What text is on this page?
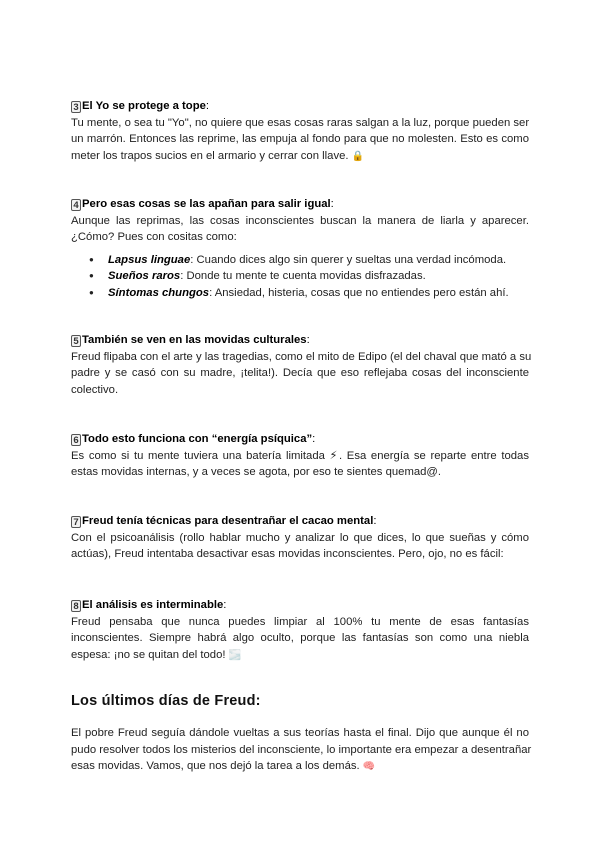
3 El Yo se protege a tope:
Tu mente, o sea tu "Yo", no quiere que esas cosas raras salgan a la luz, porque pueden ser
un marrón. Entonces las reprime, las empuja al fondo para que no molesten. Esto es como
meter los trapos sucios en el armario y cerrar con llave. 🔒
4 Pero esas cosas se las apañan para salir igual:
Aunque las reprimas, las cosas inconscientes buscan la manera de liarla y aparecer.
¿Cómo? Pues con cositas como:
● Lapsus linguae: Cuando dices algo sin querer y sueltas una verdad incómoda.
● Sueños raros: Donde tu mente te cuenta movidas disfrazadas.
● Síntomas chungos: Ansiedad, histeria, cosas que no entiendes pero están ahí.
5 También se ven en las movidas culturales:
Freud flipaba con el arte y las tragedias, como el mito de Edipo (el del chaval que mató a su
padre y se casó con su madre, ¡telita!). Decía que eso reflejaba cosas del inconsciente
colectivo.
6 Todo esto funciona con “energía psíquica”:
Es como si tu mente tuviera una batería limitada ⚡. Esa energía se reparte entre todas
estas movidas internas, y a veces se agota, por eso te sientes quemad@.
7 Freud tenía técnicas para desentrañar el cacao mental:
Con el psicoanálisis (rollo hablar mucho y analizar lo que dices, lo que sueñas y cómo
actúas), Freud intentaba desactivar esas movidas inconscientes. Pero, ojo, no es fácil:
8 El análisis es interminable:
Freud pensaba que nunca puedes limpiar al 100% tu mente de esas fantasías
inconscientes. Siempre habrá algo oculto, porque las fantasías son como una niebla
espesa: ¡no se quitan del todo! 🌫️
Los últimos días de Freud:
El pobre Freud seguía dándole vueltas a sus teorías hasta el final. Dijo que aunque él no
pudo resolver todos los misterios del inconsciente, lo importante era empezar a desentrañar
esas movidas. Vamos, que nos dejó la tarea a los demás. 🧠
